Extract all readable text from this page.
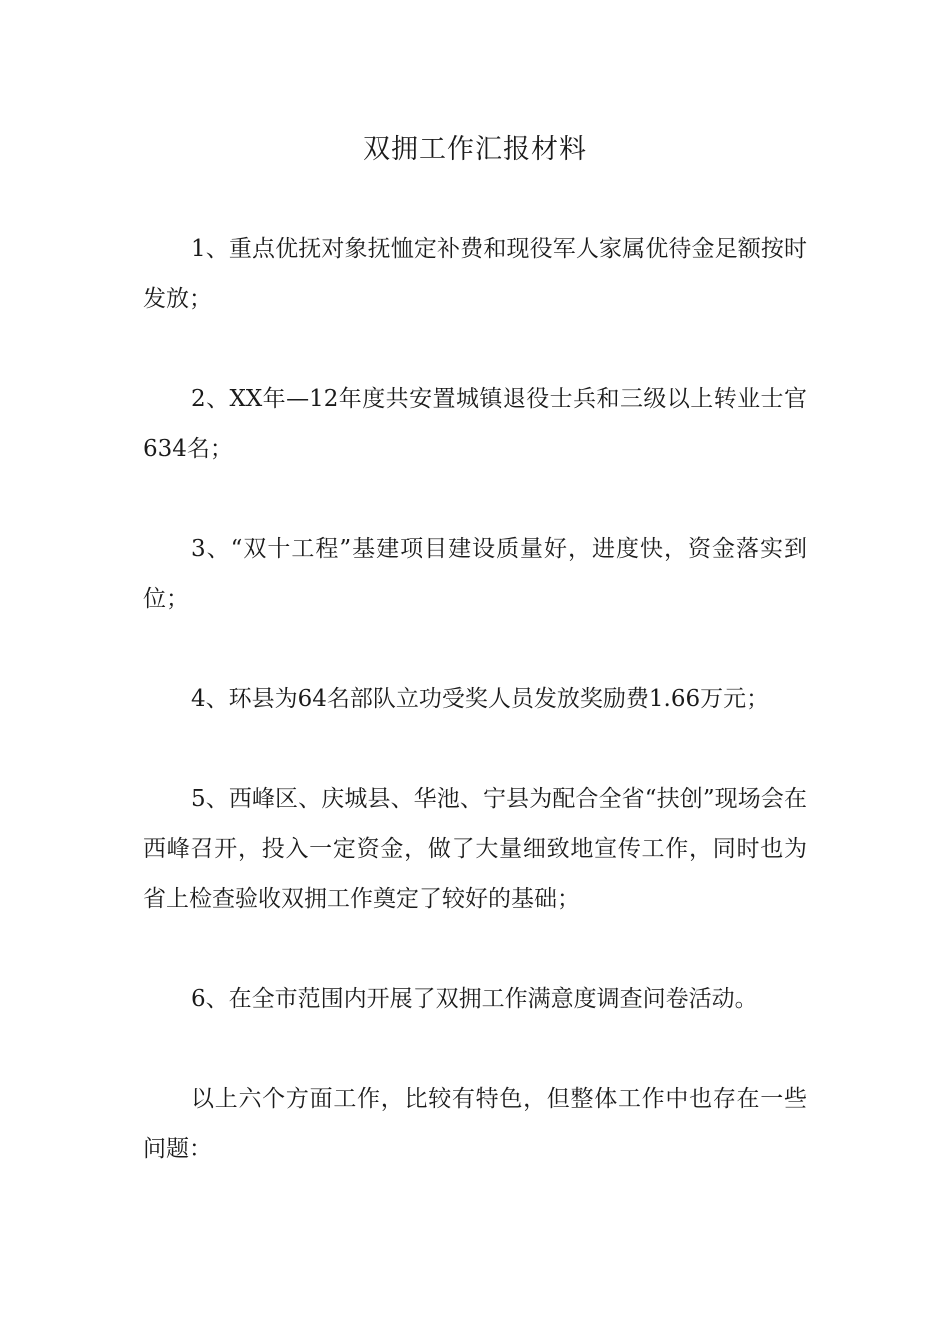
双拥工作汇报材料

1、重点优抚对象抚恤定补费和现役军人家属优待金足额按时发放；

2、XX年—12年度共安置城镇退役士兵和三级以上转业士官634名；

3、“双十工程”基建项目建设质量好，进度快，资金落实到位；

4、环县为64名部队立功受奖人员发放奖励费1.66万元；

5、西峰区、庆城县、华池、宁县为配合全省“扶创”现场会在西峰召开，投入一定资金，做了大量细致地宣传工作，同时也为省上检查验收双拥工作奠定了较好的基础；

6、在全市范围内开展了双拥工作满意度调查问卷活动。

以上六个方面工作，比较有特色，但整体工作中也存在一些问题：
